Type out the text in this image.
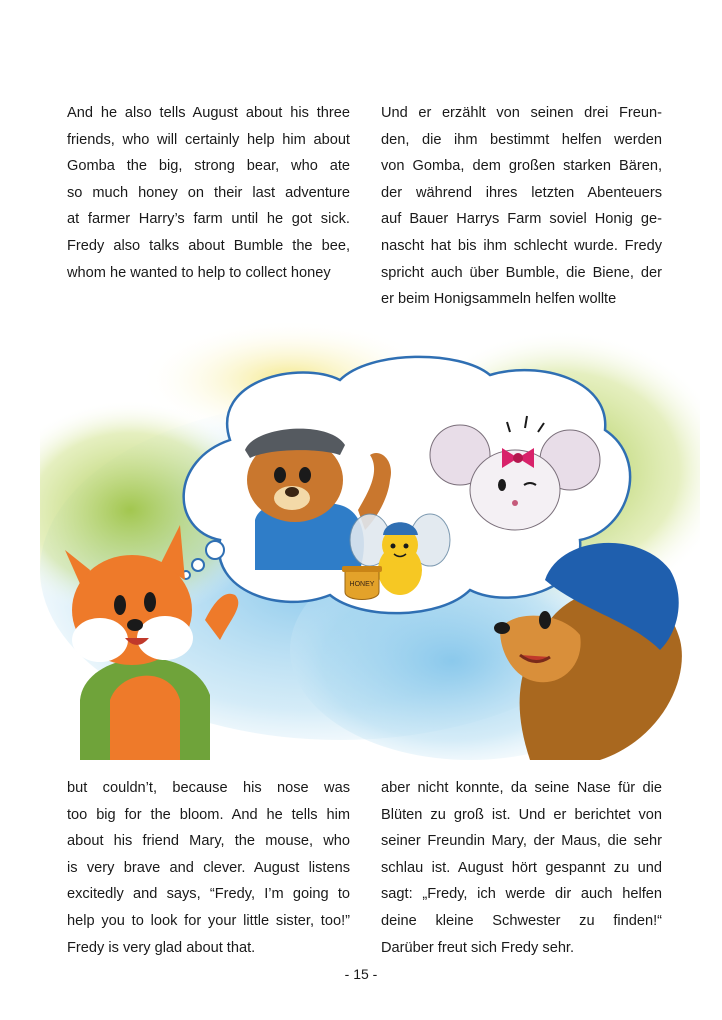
And he also tells August about his three
friends, who will certainly help him about
Gomba the big, strong bear, who ate
so much honey on their last adventure
at farmer Harry’s farm until he got sick.
Fredy also talks about Bumble the bee,
whom he wanted to help to collect honey
Und er erzählt von seinen drei Freun-
den, die ihm bestimmt helfen werden
von Gomba, dem großen starken Bären,
der während ihres letzten Abenteuers
auf Bauer Harrys Farm soviel Honig ge-
nascht hat bis ihm schlecht wurde. Fredy
spricht auch über Bumble, die Biene, der
er beim Honigsammeln helfen wollte
HONEY
but couldn’t, because his nose was
too big for the bloom. And he tells him
about his friend Mary, the mouse, who
is very brave and clever. August listens
excitedly and says, “Fredy, I’m going to
help you to look for your little sister, too!”
Fredy is very glad about that.
aber nicht konnte, da seine Nase für die
Blüten zu groß ist. Und er berichtet von
seiner Freundin Mary, der Maus, die sehr
schlau ist. August hört gespannt zu und
sagt: „Fredy, ich werde dir auch helfen
deine kleine Schwester zu finden!“
Darüber freut sich Fredy sehr.
- 15 -
